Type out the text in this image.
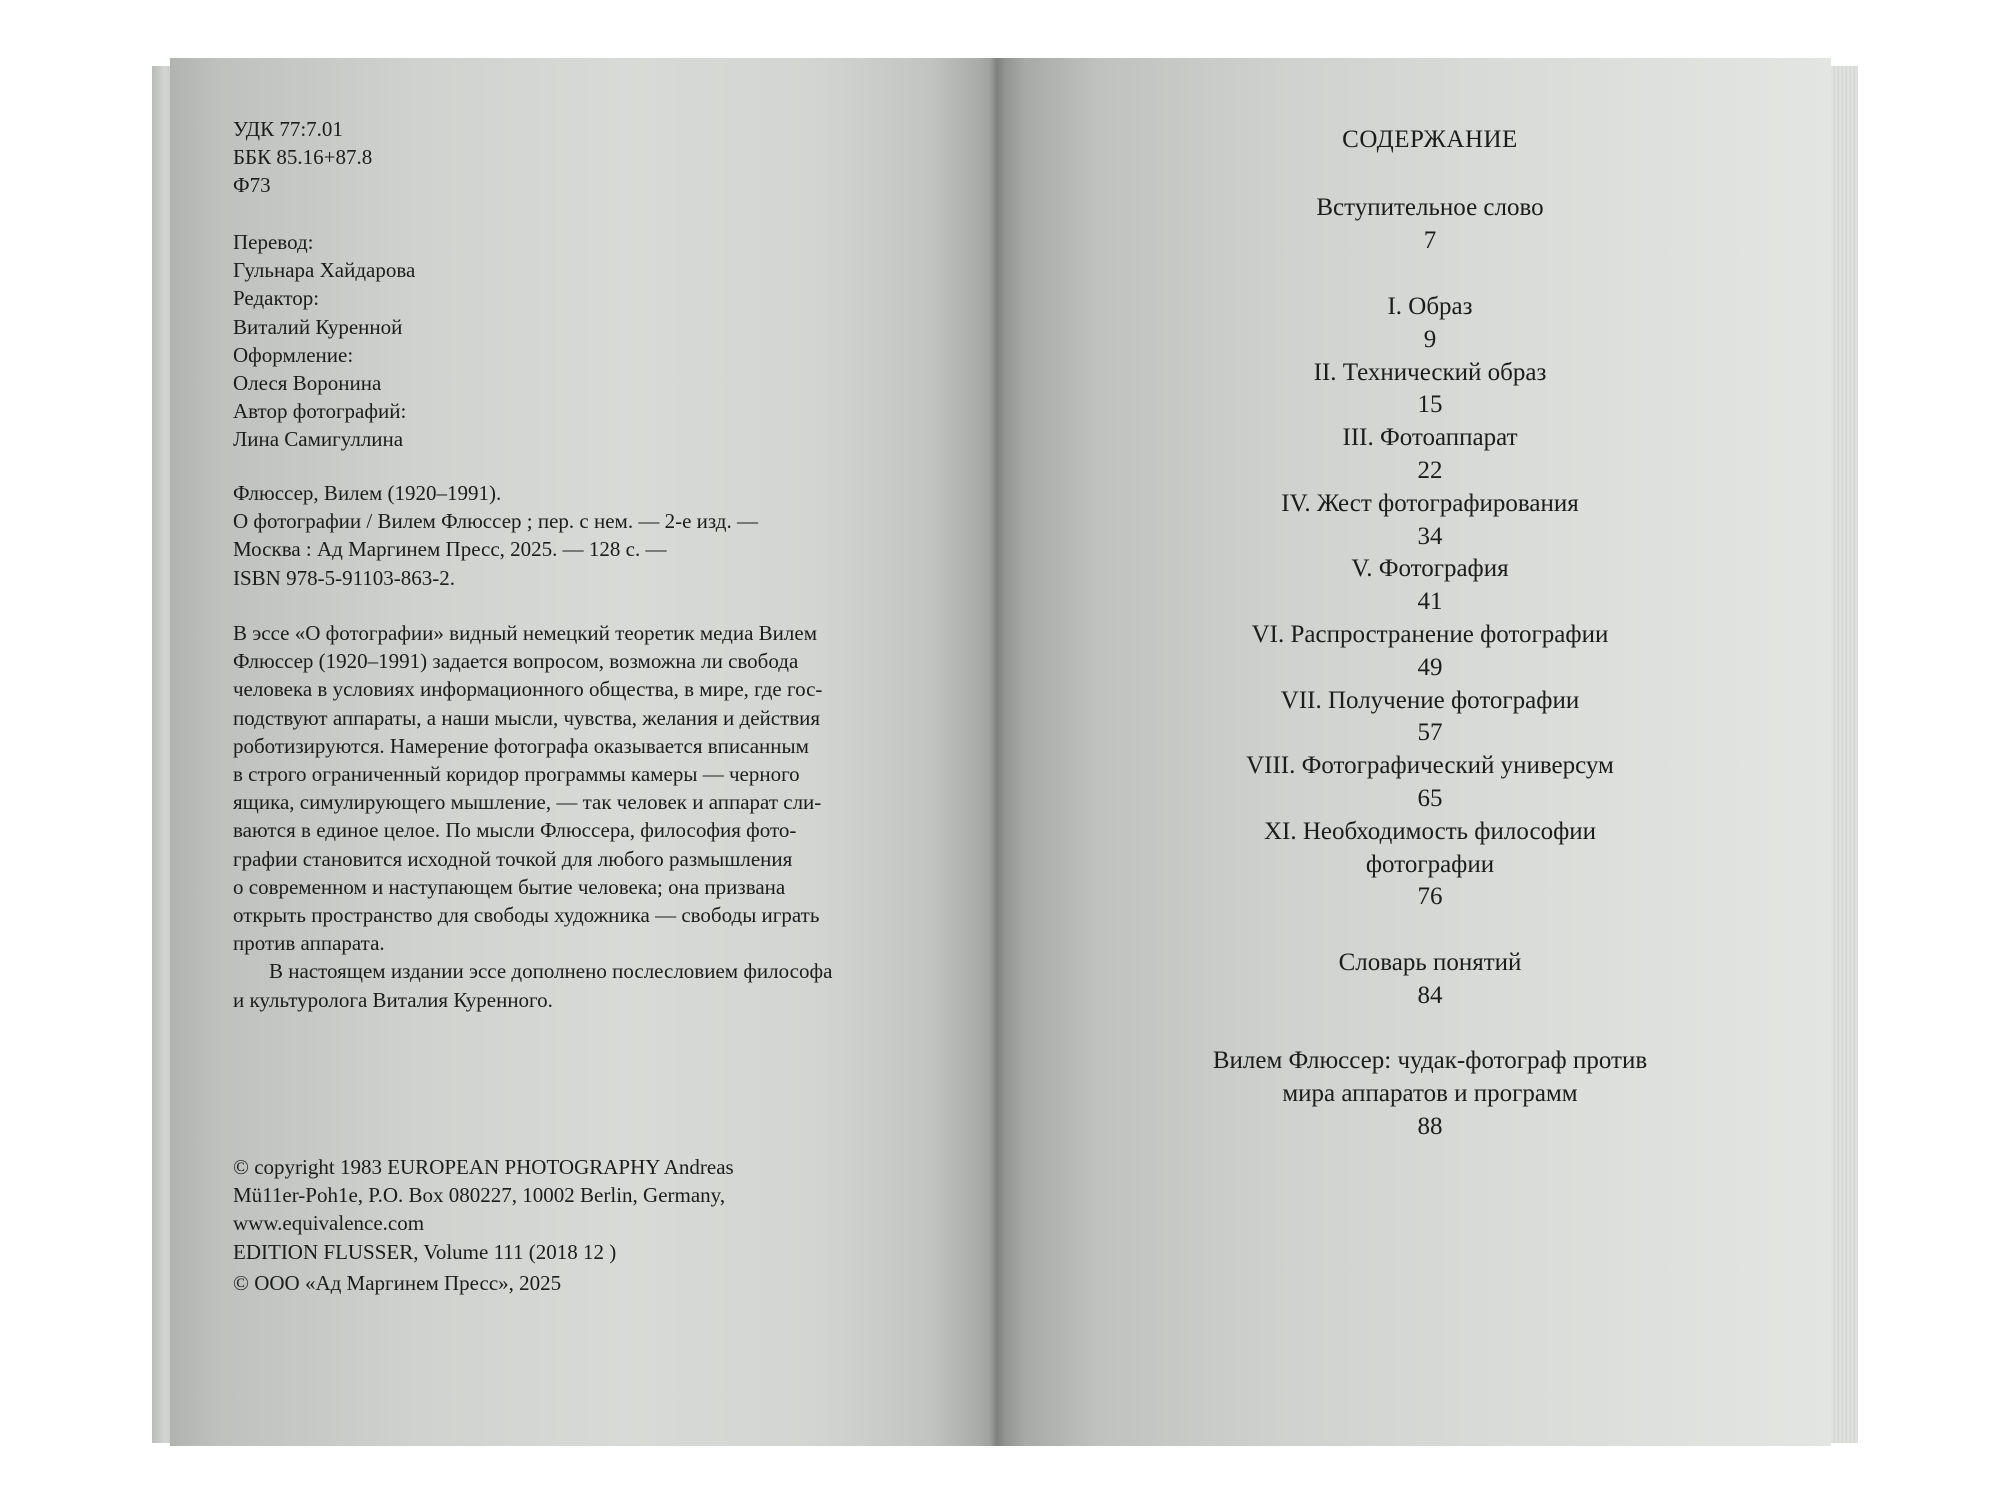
УДК 77:7.01
ББК 85.16+87.8
Ф73
Перевод:
Гульнара Хайдарова
Редактор:
Виталий Куренной
Оформление:
Олеся Воронина
Автор фотографий:
Лина Самигуллина
Флюссер, Вилем (1920–1991).
О фотографии / Вилем Флюссер ; пер. с нем. — 2-е изд. —
Москва : Ад Маргинем Пресс, 2025. — 128 с. —
ISBN 978-5-91103-863-2.
В эссе «О фотографии» видный немецкий теоретик медиа Вилем
Флюссер (1920–1991) задается вопросом, возможна ли свобода
человека в условиях информационного общества, в мире, где гос-
подствуют аппараты, а наши мысли, чувства, желания и действия
роботизируются. Намерение фотографа оказывается вписанным
в строго ограниченный коридор программы камеры — черного
ящика, симулирующего мышление, — так человек и аппарат сли-
ваются в единое целое. По мысли Флюссера, философия фото-
графии становится исходной точкой для любого размышления
о современном и наступающем бытие человека; она призвана
открыть пространство для свободы художника — свободы играть
против аппарата.
В настоящем издании эссе дополнено послесловием философа
и культуролога Виталия Куренного.
© copyright 1983 EUROPEAN PHOTOGRAPHY Andreas
Mü11er-Poh1e, P.O. Box 080227, 10002 Berlin, Germany,
www.equivalence.com
EDITION FLUSSER, Volume 111 (2018 12 )
© ООО «Ад Маргинем Пресс», 2025
СОДЕРЖАНИЕ
Вступительное слово
7
I. Образ
9
II. Технический образ
15
III. Фотоаппарат
22
IV. Жест фотографирования
34
V. Фотография
41
VI. Распространение фотографии
49
VII. Получение фотографии
57
VIII. Фотографический универсум
65
XI. Необходимость философии
фотографии
76
Словарь понятий
84
Вилем Флюссер: чудак-фотограф против
мира аппаратов и программ
88
